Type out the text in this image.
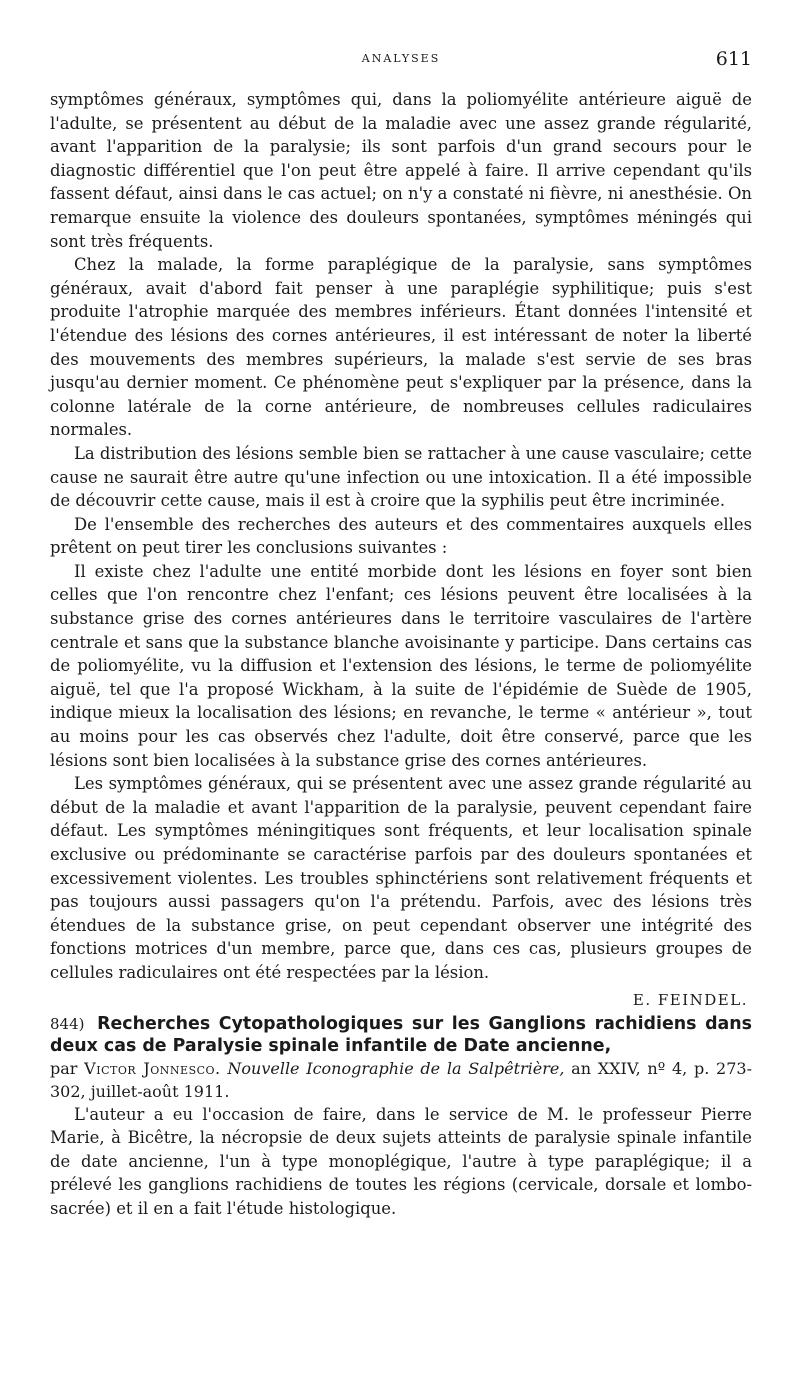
ANALYSES	611

symptômes généraux, symptômes qui, dans la poliomyélite antérieure aiguë de l'adulte, se présentent au début de la maladie avec une assez grande régularité, avant l'apparition de la paralysie; ils sont parfois d'un grand secours pour le diagnostic différentiel que l'on peut être appelé à faire. Il arrive cependant qu'ils fassent défaut, ainsi dans le cas actuel; on n'y a constaté ni fièvre, ni anesthésie. On remarque ensuite la violence des douleurs spontanées, symptômes méningés qui sont très fréquents.

Chez la malade, la forme paraplégique de la paralysie, sans symptômes généraux, avait d'abord fait penser à une paraplégie syphilitique; puis s'est produite l'atrophie marquée des membres inférieurs. Étant données l'intensité et l'étendue des lésions des cornes antérieures, il est intéressant de noter la liberté des mouvements des membres supérieurs, la malade s'est servie de ses bras jusqu'au dernier moment. Ce phénomène peut s'expliquer par la présence, dans la colonne latérale de la corne antérieure, de nombreuses cellules radiculaires normales.

La distribution des lésions semble bien se rattacher à une cause vasculaire; cette cause ne saurait être autre qu'une infection ou une intoxication. Il a été impossible de découvrir cette cause, mais il est à croire que la syphilis peut être incriminée.

De l'ensemble des recherches des auteurs et des commentaires auxquels elles prêtent on peut tirer les conclusions suivantes :

Il existe chez l'adulte une entité morbide dont les lésions en foyer sont bien celles que l'on rencontre chez l'enfant; ces lésions peuvent être localisées à la substance grise des cornes antérieures dans le territoire vasculaires de l'artère centrale et sans que la substance blanche avoisinante y participe. Dans certains cas de poliomyélite, vu la diffusion et l'extension des lésions, le terme de poliomyélite aiguë, tel que l'a proposé Wickham, à la suite de l'épidémie de Suède de 1905, indique mieux la localisation des lésions; en revanche, le terme « antérieur », tout au moins pour les cas observés chez l'adulte, doit être conservé, parce que les lésions sont bien localisées à la substance grise des cornes antérieures.

Les symptômes généraux, qui se présentent avec une assez grande régularité au début de la maladie et avant l'apparition de la paralysie, peuvent cependant faire défaut. Les symptômes méningitiques sont fréquents, et leur localisation spinale exclusive ou prédominante se caractérise parfois par des douleurs spontanées et excessivement violentes. Les troubles sphinctériens sont relativement fréquents et pas toujours aussi passagers qu'on l'a prétendu. Parfois, avec des lésions très étendues de la substance grise, on peut cependant observer une intégrité des fonctions motrices d'un membre, parce que, dans ces cas, plusieurs groupes de cellules radiculaires ont été respectées par la lésion.

E. FEINDEL.

844) Recherches Cytopathologiques sur les Ganglions rachidiens dans deux cas de Paralysie spinale infantile de Date ancienne,

par Victor Jonnesco. Nouvelle Iconographie de la Salpêtrière, an XXIV, nº 4, p. 273-302, juillet-août 1911.

L'auteur a eu l'occasion de faire, dans le service de M. le professeur Pierre Marie, à Bicêtre, la nécropsie de deux sujets atteints de paralysie spinale infantile de date ancienne, l'un à type monoplégique, l'autre à type paraplégique; il a prélevé les ganglions rachidiens de toutes les régions (cervicale, dorsale et lombo-sacrée) et il en a fait l'étude histologique.
